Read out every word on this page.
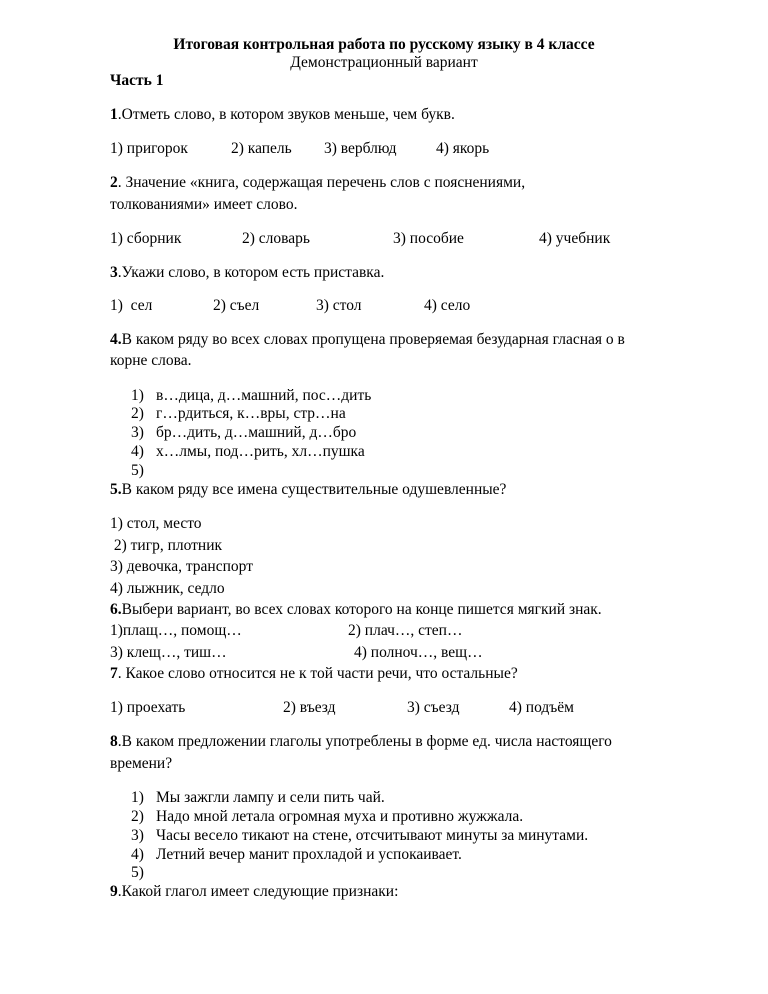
Итоговая контрольная работа по русскому языку в 4 классе
Демонстрационный вариант
Часть 1
1.Отметь слово, в котором звуков меньше, чем букв.
1) пригорок	2) капель 3) верблюд	4) якорь
2. Значение «книга, содержащая перечень слов с пояснениями,
толкованиями» имеет слово.
1) сборник	2) словарь	3) пособие	4) учебник
3.Укажи слово, в котором есть приставка.
1)  сел	2) съел	3) стол	4) село
4.В каком ряду во всех словах пропущена проверяемая безударная гласная о в
корне слова.
1) в…дица, д…машний, пос…дить
2) г…рдиться, к…вры, стр…на
3) бр…дить, д…машний, д…бро
4) х…лмы, под…рить, хл…пушка
5)
5.В каком ряду все имена существительные одушевленные?
1) стол, место
2) тигр, плотник
3) девочка, транспорт
4) лыжник, седло
6.Выбери вариант, во всех словах которого на конце пишется мягкий знак.
1)плащ…, помощ…	2) плач…, степ…
3) клещ…, тиш…	4) полноч…, вещ…
7. Какое слово относится не к той части речи, что остальные?
1) проехать	2) въезд	3) съезд	4) подъём
8.В каком предложении глаголы употреблены в форме ед. числа настоящего
времени?
1) Мы зажгли лампу и сели пить чай.
2) Надо мной летала огромная муха и противно жужжала.
3) Часы весело тикают на стене, отсчитывают минуты за минутами.
4) Летний вечер манит прохладой и успокаивает.
5)
9.Какой глагол имеет следующие признаки:
